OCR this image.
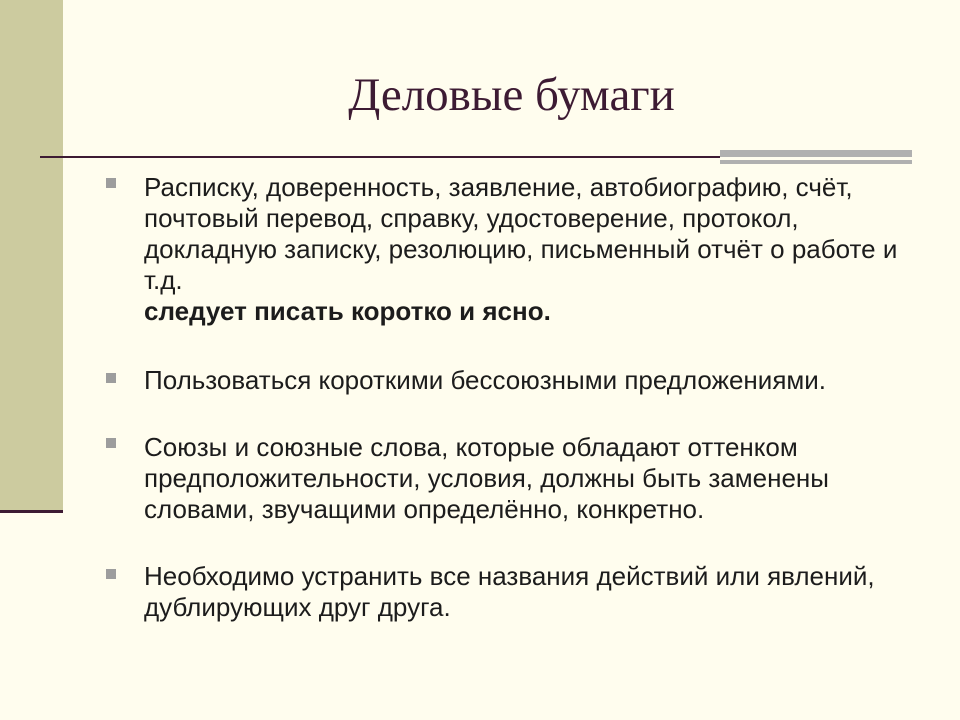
Деловые бумаги
Расписку, доверенность, заявление, автобиографию, счёт, почтовый перевод, справку, удостоверение, протокол, докладную записку, резолюцию, письменный отчёт о работе и т.д.
следует писать коротко и ясно.
Пользоваться короткими бессоюзными предложениями.
Союзы и союзные слова, которые обладают оттенком предположительности, условия, должны быть заменены словами, звучащими определённо, конкретно.
Необходимо устранить все названия действий или явлений, дублирующих друг друга.
